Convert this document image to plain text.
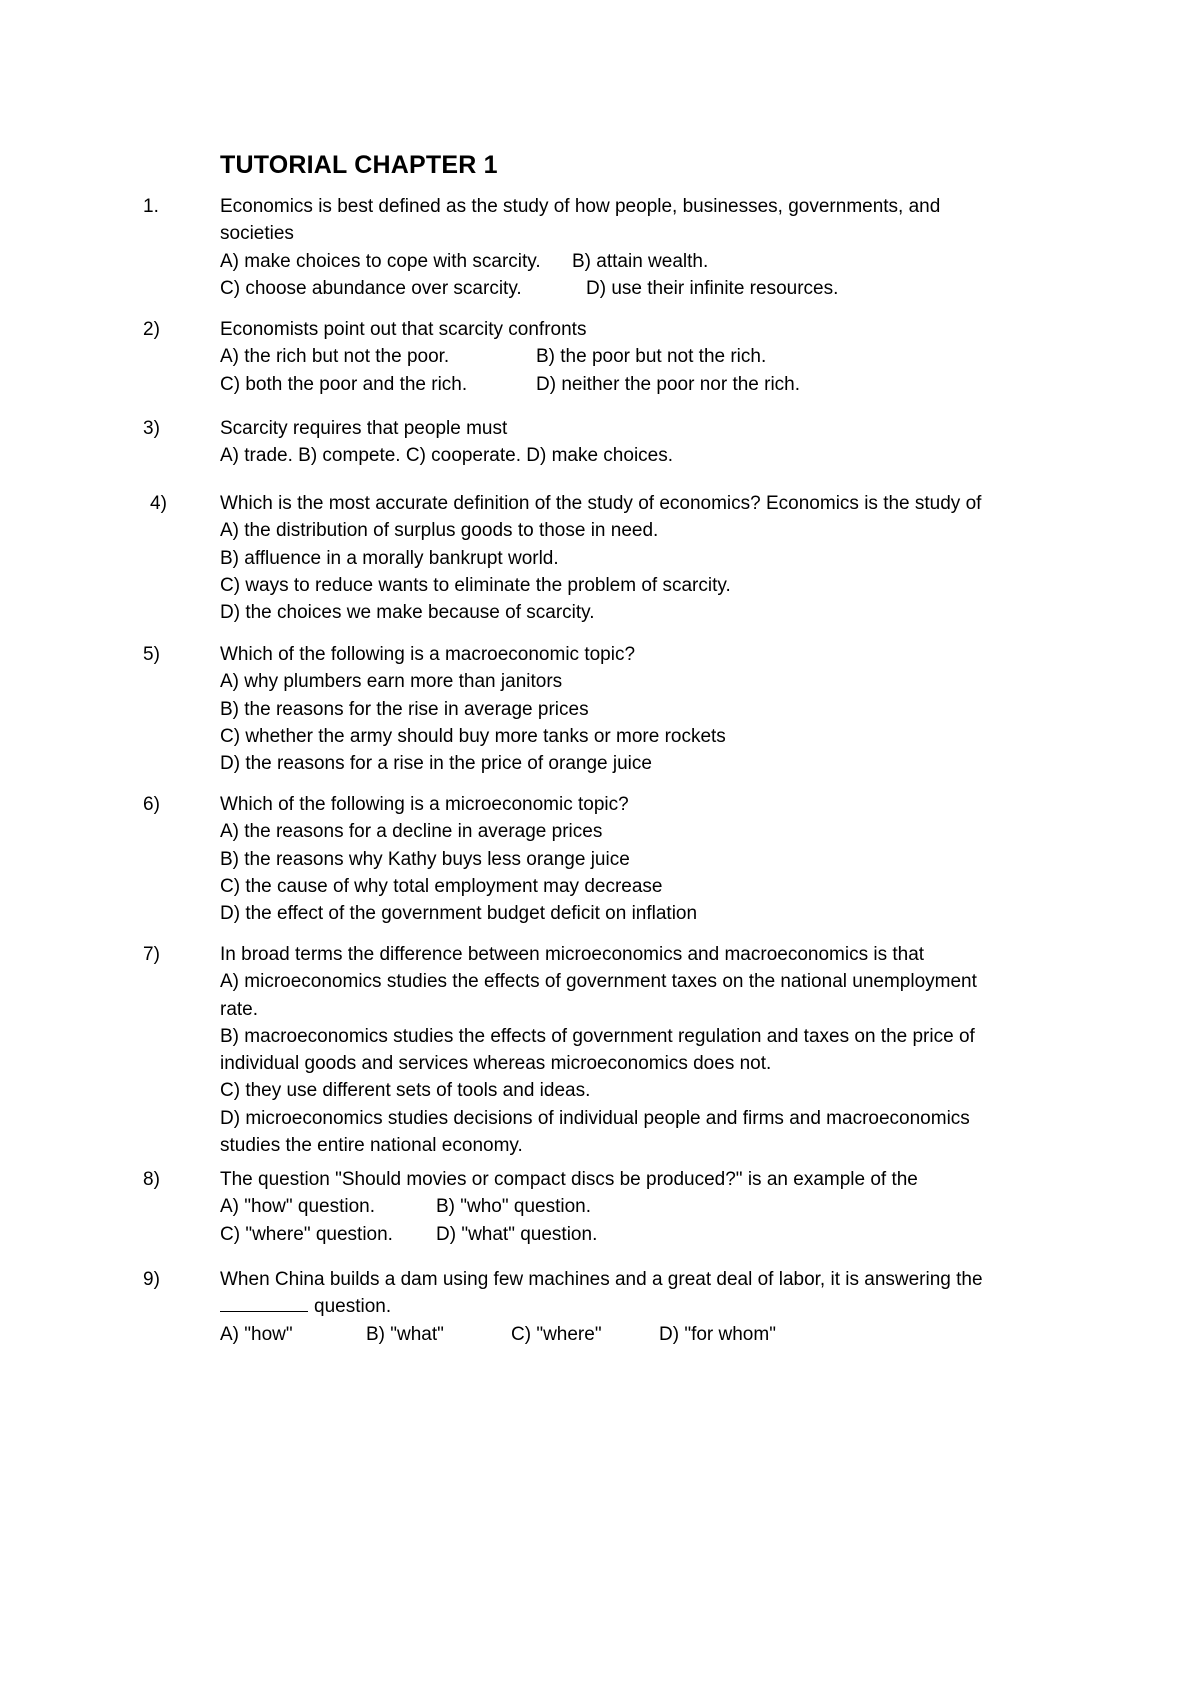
TUTORIAL CHAPTER 1
1.	Economics is best defined as the study of how people, businesses, governments, and
societies
A) make choices to cope with scarcity.	B) attain wealth.
C) choose abundance over scarcity.	D) use their infinite resources.
2)	Economists point out that scarcity confronts
A) the rich but not the poor.	B) the poor but not the rich.
C) both the poor and the rich.	D) neither the poor nor the rich.
3)	Scarcity requires that people must
A) trade. B) compete. C) cooperate. D) make choices.
4)	Which is the most accurate definition of the study of economics? Economics is the study of
A) the distribution of surplus goods to those in need.
B) affluence in a morally bankrupt world.
C) ways to reduce wants to eliminate the problem of scarcity.
D) the choices we make because of scarcity.
5)	Which of the following is a macroeconomic topic?
A) why plumbers earn more than janitors
B) the reasons for the rise in average prices
C) whether the army should buy more tanks or more rockets
D) the reasons for a rise in the price of orange juice
6)	Which of the following is a microeconomic topic?
A) the reasons for a decline in average prices
B) the reasons why Kathy buys less orange juice
C) the cause of why total employment may decrease
D) the effect of the government budget deficit on inflation
7)	In broad terms the difference between microeconomics and macroeconomics is that
A) microeconomics studies the effects of government taxes on the national unemployment
rate.
B) macroeconomics studies the effects of government regulation and taxes on the price of
individual goods and services whereas microeconomics does not.
C) they use different sets of tools and ideas.
D) microeconomics studies decisions of individual people and firms and macroeconomics
studies the entire national economy.
8)	The question "Should movies or compact discs be produced?" is an example of the
A) "how" question.	B) "who" question.
C) "where" question.	D) "what" question.
9)	When China builds a dam using few machines and a great deal of labor, it is answering the
question.
A) "how"	B) "what"	C) "where"	D) "for whom"
